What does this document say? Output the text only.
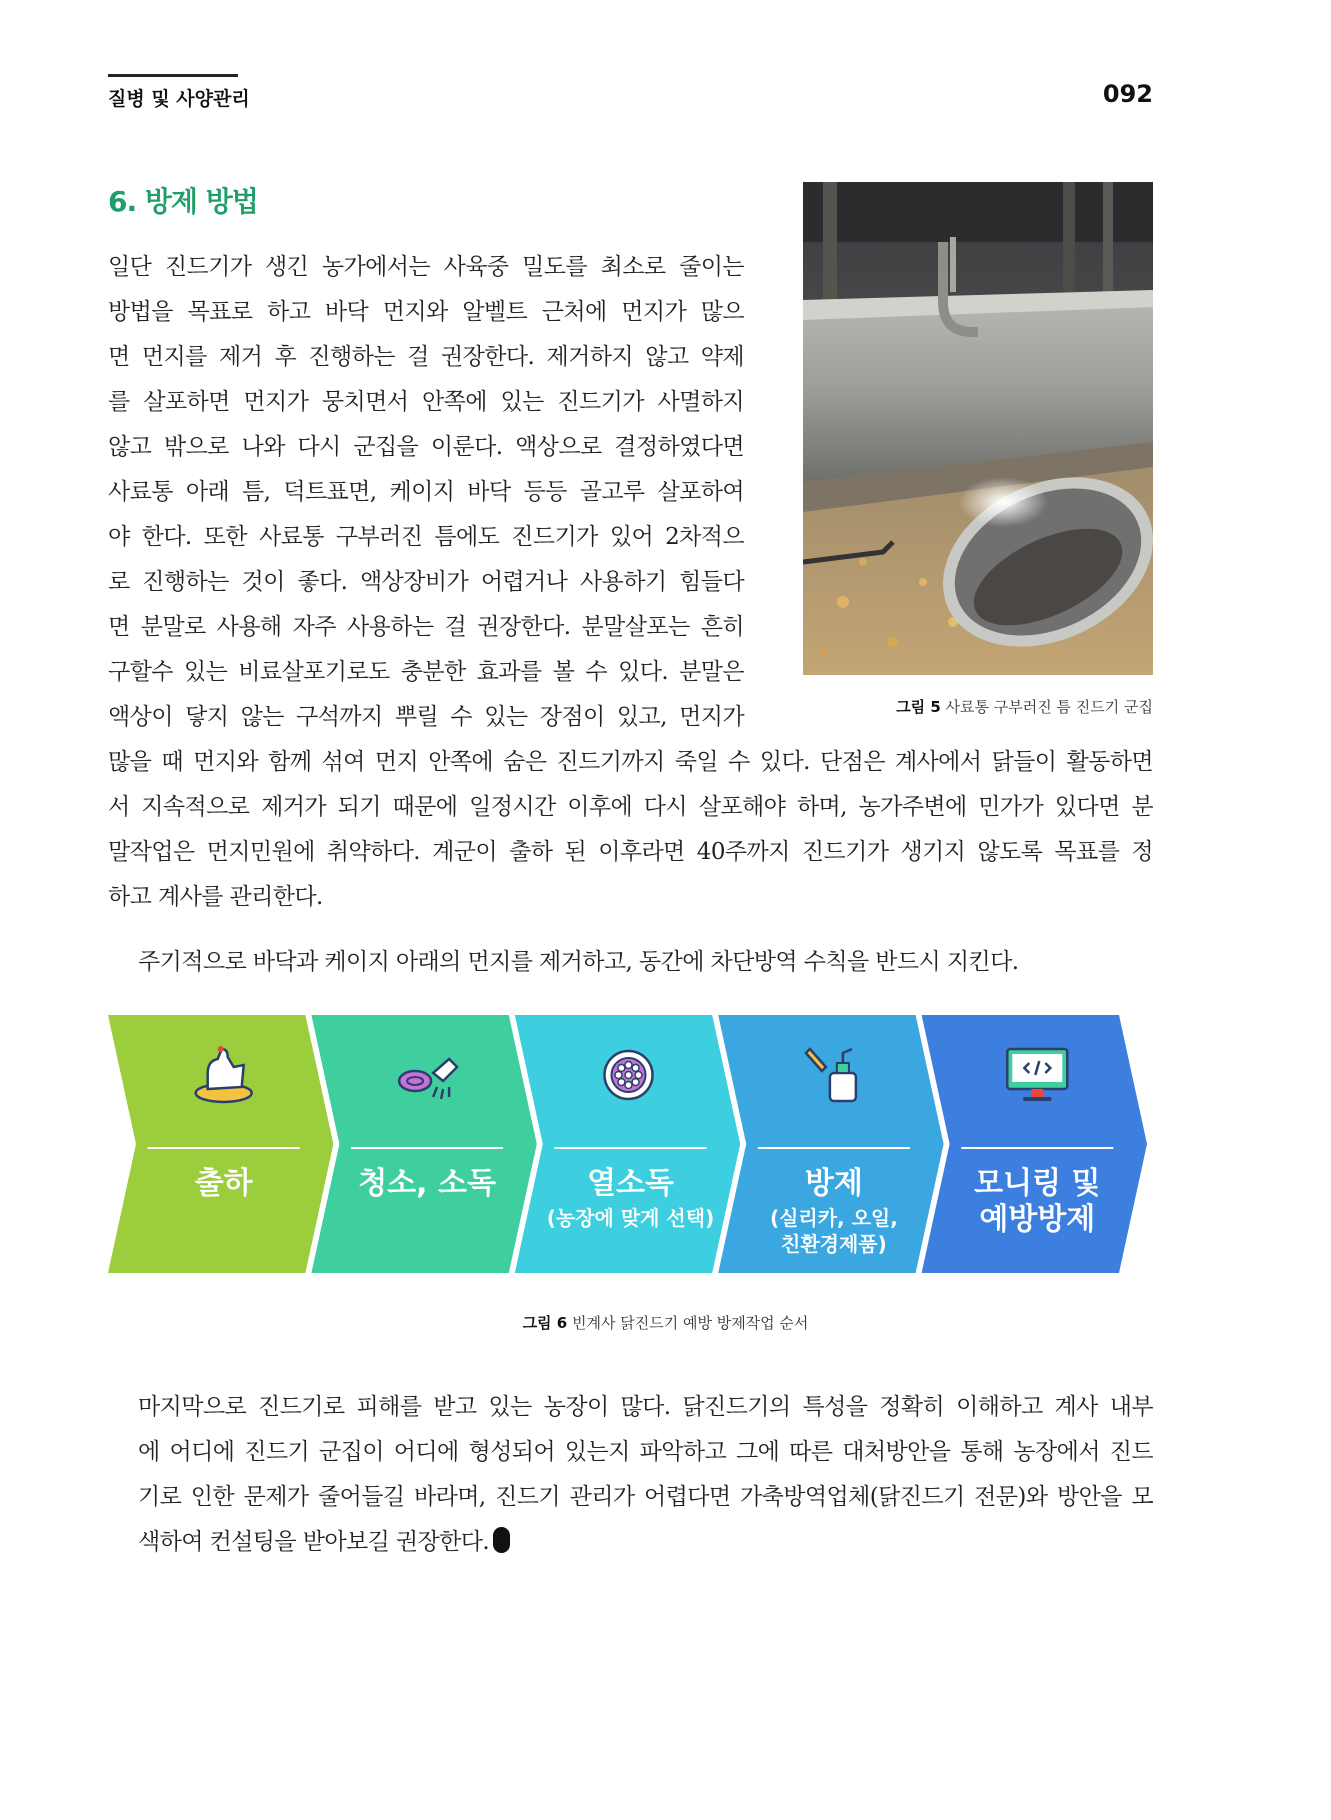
질병 및 사양관리	092
6. 방제 방법
일단 진드기가 생긴 농가에서는 사육중 밀도를 최소로 줄이는
방법을 목표로 하고 바닥 먼지와 알벨트 근처에 먼지가 많으
면 먼지를 제거 후 진행하는 걸 권장한다. 제거하지 않고 약제
를 살포하면 먼지가 뭉치면서 안쪽에 있는 진드기가 사멸하지
않고 밖으로 나와 다시 군집을 이룬다. 액상으로 결정하였다면
사료통 아래 틈, 덕트표면, 케이지 바닥 등등 골고루 살포하여
야 한다. 또한 사료통 구부러진 틈에도 진드기가 있어 2차적으
로 진행하는 것이 좋다. 액상장비가 어렵거나 사용하기 힘들다
면 분말로 사용해 자주 사용하는 걸 권장한다. 분말살포는 흔히
구할수 있는 비료살포기로도 충분한 효과를 볼 수 있다. 분말은
액상이 닿지 않는 구석까지 뿌릴 수 있는 장점이 있고, 먼지가	그림 5 사료통 구부러진 틈 진드기 군집
많을 때 먼지와 함께 섞여 먼지 안쪽에 숨은 진드기까지 죽일 수 있다. 단점은 계사에서 닭들이 활동하면
서 지속적으로 제거가 되기 때문에 일정시간 이후에 다시 살포해야 하며, 농가주변에 민가가 있다면 분
말작업은 먼지민원에 취약하다. 계군이 출하 된 이후라면 40주까지 진드기가 생기지 않도록 목표를 정
하고 계사를 관리한다.
주기적으로 바닥과 케이지 아래의 먼지를 제거하고, 동간에 차단방역 수칙을 반드시 지킨다.
출하	청소, 소독	열소독
(농장에 맞게 선택)
방제
(실리카, 오일,
친환경제품)
모니링 및
예방방제
그림 6 빈계사 닭진드기 예방 방제작업 순서
마지막으로 진드기로 피해를 받고 있는 농장이 많다. 닭진드기의 특성을 정확히 이해하고 계사 내부
에 어디에 진드기 군집이 어디에 형성되어 있는지 파악하고 그에 따른 대처방안을 통해 농장에서 진드
기로 인한 문제가 줄어들길 바라며, 진드기 관리가 어렵다면 가축방역업체(닭진드기 전문)와 방안을 모
색하여 컨설팅을 받아보길 권장한다.
